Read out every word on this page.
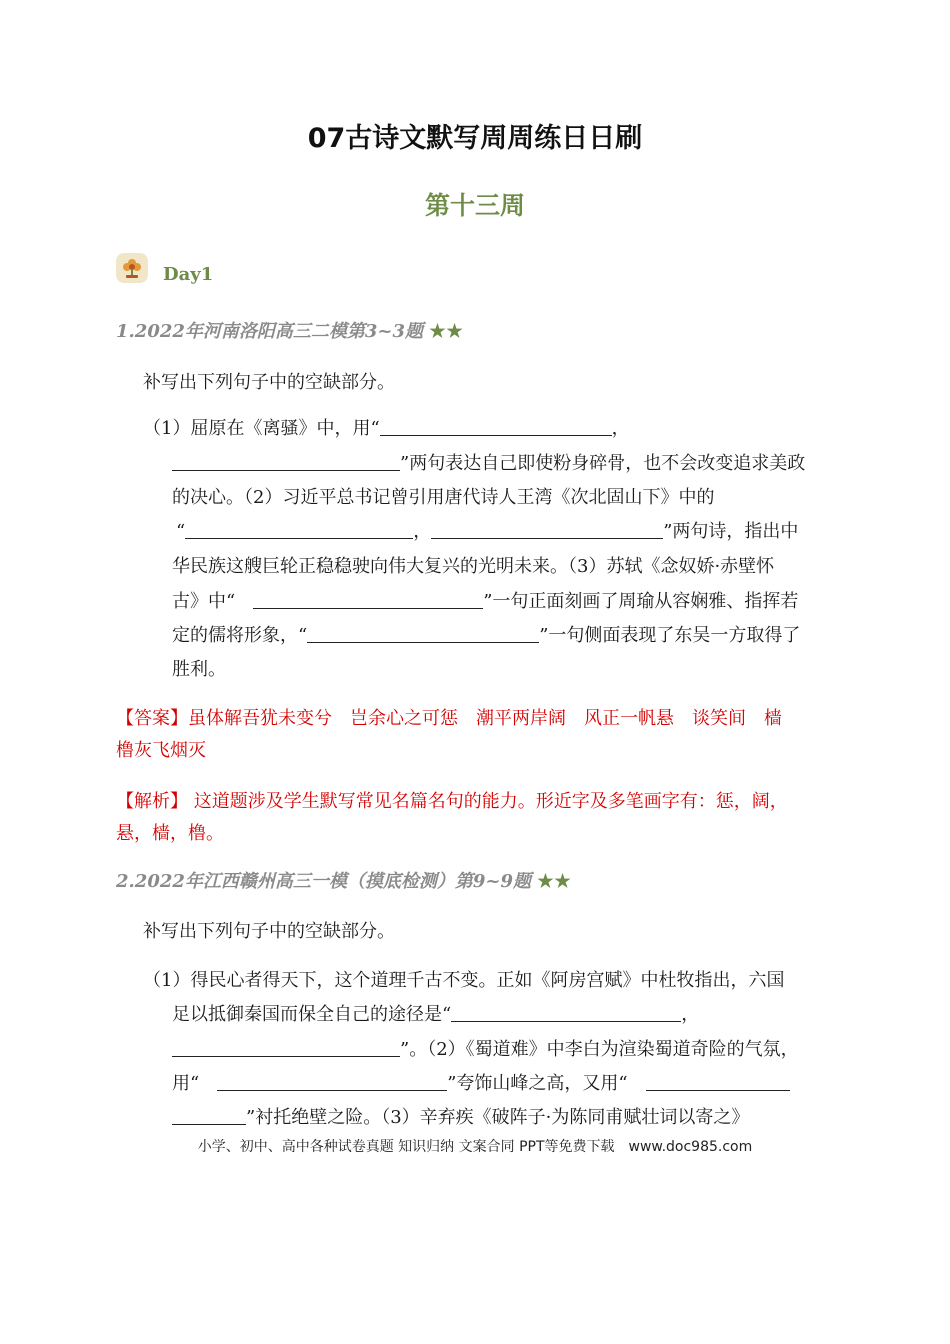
07古诗文默写周周练日日刷
第十三周
Day1
1.2022年河南洛阳高三二模第3~3题 ★★
补写出下列句子中的空缺部分。
（1）屈原在《离骚》中，用“	，
”两句表达自己即使粉身碎骨，也不会改变追求美政
的决心。（2）习近平总书记曾引用唐代诗人王湾《次北固山下》中的
“	，	”两句诗，指出中
华民族这艘巨轮正稳稳驶向伟大复兴的光明未来。（3）苏轼《念奴娇·赤壁怀
古》中“	”一句正面刻画了周瑜从容娴雅、指挥若
定的儒将形象，“	”一句侧面表现了东吴一方取得了
胜利。
【答案】虽体解吾犹未变兮　岂余心之可惩　潮平两岸阔　风正一帆悬　谈笑间　樯
橹灰飞烟灭
【解析】 这道题涉及学生默写常见名篇名句的能力。形近字及多笔画字有：惩，阔，
悬，樯，橹。
2.2022年江西赣州高三一模（摸底检测）第9~9题 ★★
补写出下列句子中的空缺部分。
（1）得民心者得天下，这个道理千古不变。正如《阿房宫赋》中杜牧指出，六国
足以抵御秦国而保全自己的途径是“	，
”。（2）《蜀道难》中李白为渲染蜀道奇险的气氛，
用“	”夸饰山峰之高，又用“
”衬托绝壁之险。（3）辛弃疾《破阵子·为陈同甫赋壮词以寄之》
小学、初中、高中各种试卷真题 知识归纳 文案合同 PPT等免费下载　www.doc985.com
